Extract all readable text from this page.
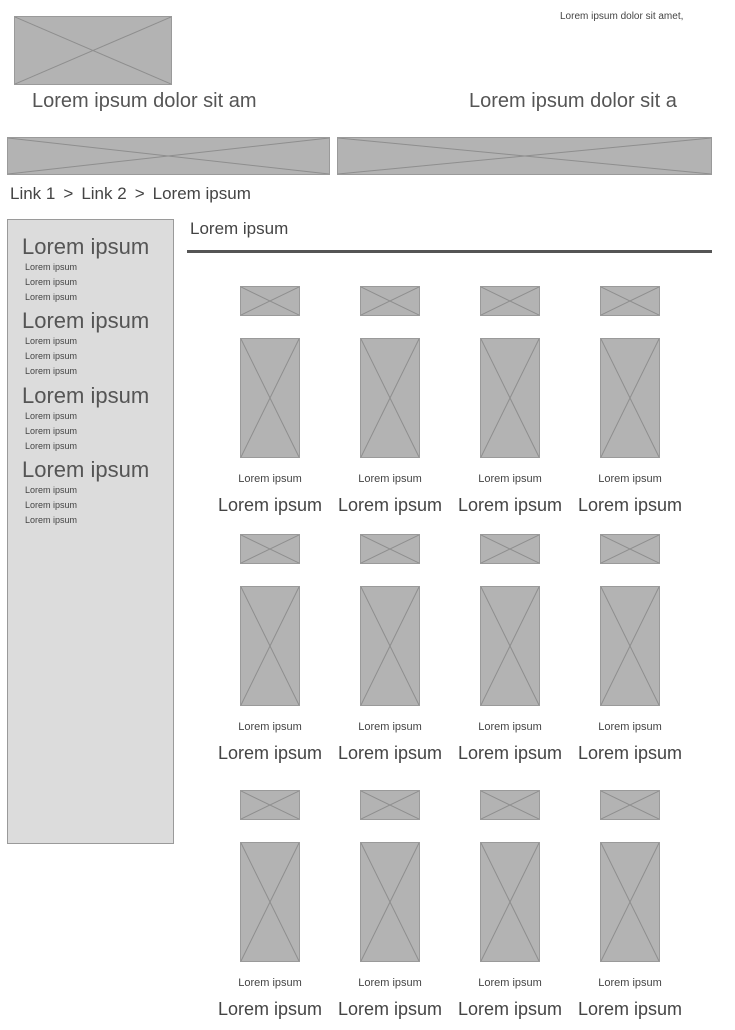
Lorem ipsum dolor sit amet,
Lorem ipsum dolor sit am	Lorem ipsum dolor sit a
Link 1 > Link 2 > Lorem ipsum
Lorem ipsum
Lorem ipsum
Lorem ipsum
Lorem ipsum
Lorem ipsum
Lorem ipsum
Lorem ipsum
Lorem ipsum
Lorem ipsum
Lorem ipsum
Lorem ipsum
Lorem ipsum
Lorem ipsum
Lorem ipsum
Lorem ipsum
Lorem ipsum
Lorem ipsum
Lorem ipsum
Lorem ipsum
Lorem ipsum
Lorem ipsum
Lorem ipsum
Lorem ipsum
Lorem ipsum
Lorem ipsum
Lorem ipsum
Lorem ipsum
Lorem ipsum
Lorem ipsum
Lorem ipsum
Lorem ipsum
Lorem ipsum
Lorem ipsum
Lorem ipsum
Lorem ipsum
Lorem ipsum
Lorem ipsum
Lorem ipsum
Lorem ipsum
Lorem ipsum
Lorem ipsum
